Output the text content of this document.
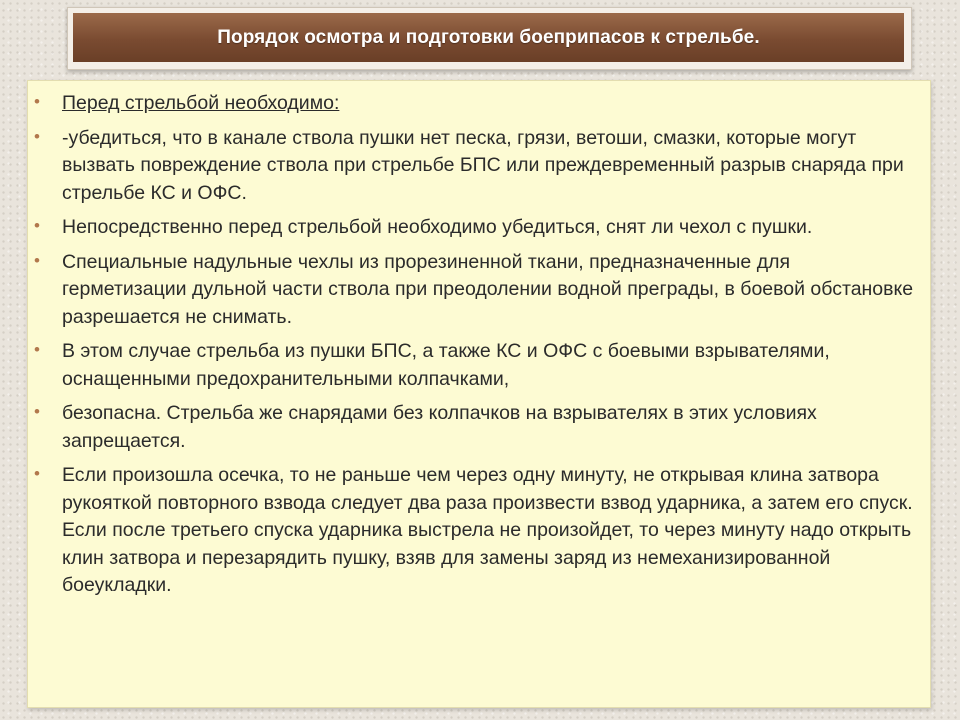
Порядок осмотра и подготовки боеприпасов к стрельбе.
• Перед стрельбой необходимо:
• -убедиться, что в канале ствола пушки нет песка, грязи, ветоши, смазки, которые могут вызвать повреждение ствола при стрельбе БПС или преждевременный разрыв снаряда при стрельбе КС и ОФС.
• Непосредственно перед стрельбой необходимо убедиться, снят ли чехол с пушки.
• Специальные надульные чехлы из прорезиненной ткани, предназначенные для герметизации дульной части ствола при преодолении водной преграды, в боевой обстановке разрешается не снимать.
• В этом случае стрельба из пушки БПС, а также КС и ОФС с боевыми взрывателями, оснащенными предохранительными колпачками,
• безопасна. Стрельба же снарядами без колпачков на взрывателях в этих условиях запрещается.
• Если произошла осечка, то не раньше чем через одну минуту, не открывая клина затвора рукояткой повторного взвода следует два раза произвести взвод ударника, а затем его спуск. Если после третьего спуска ударника выстрела не произойдет, то через минуту надо открыть клин затвора и перезарядить пушку, взяв для замены заряд из немеханизированной боеукладки.
